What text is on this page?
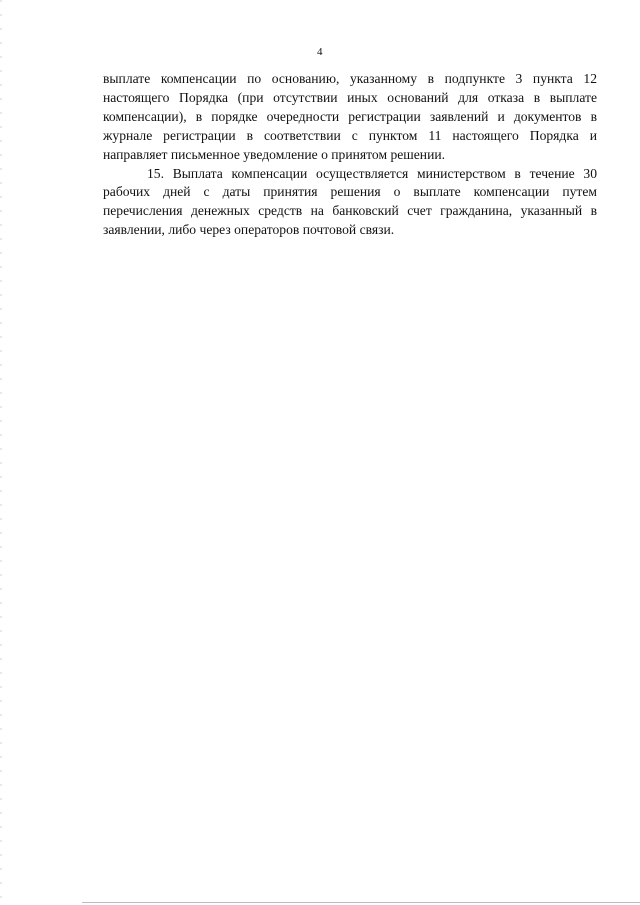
4
выплате компенсации по основанию, указанному в подпункте 3 пункта 12
настоящего Порядка (при отсутствии иных оснований для отказа в выплате
компенсации), в порядке очередности регистрации заявлений и документов в
журнале регистрации в соответствии с пунктом 11 настоящего Порядка и
направляет письменное уведомление о принятом решении.
15. Выплата компенсации осуществляется министерством в течение 30
рабочих дней с даты принятия решения о выплате компенсации путем
перечисления денежных средств на банковский счет гражданина, указанный в
заявлении, либо через операторов почтовой связи.
